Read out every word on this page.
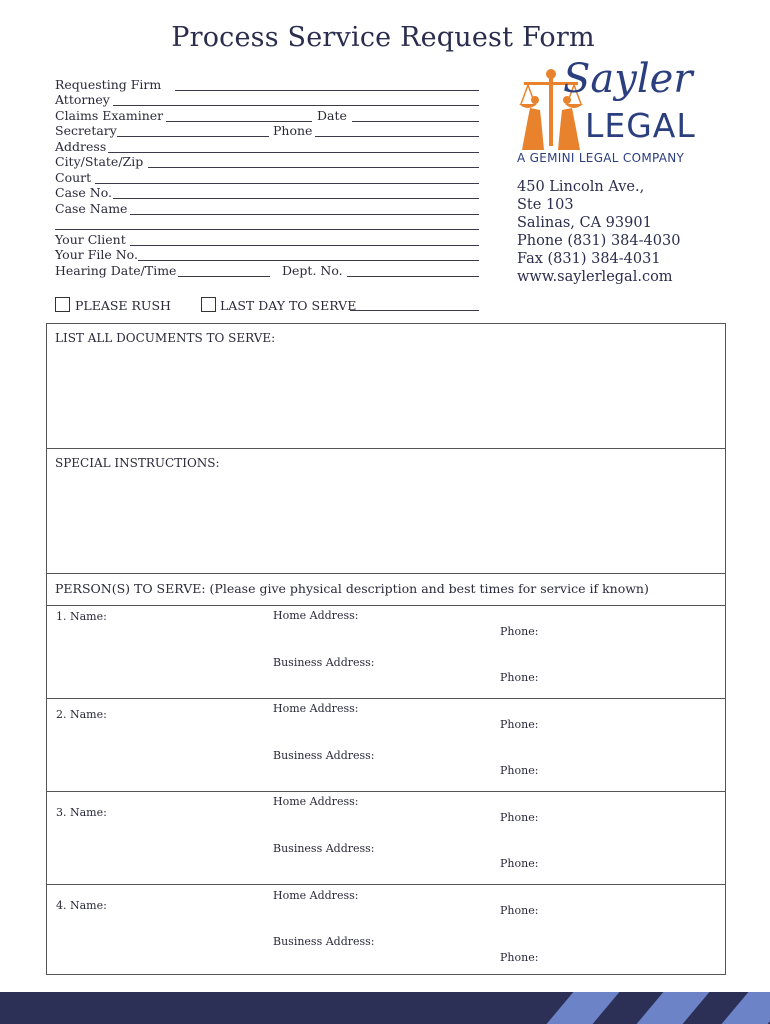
Process Service Request Form
Requesting Firm
Attorney
Claims Examiner	Date
Secretary	Phone
Address
City/State/Zip
Court
Case No.
Case Name
Your Client
Your File No.
Hearing Date/Time	Dept. No.
PLEASE RUSH	LAST DAY TO SERVE
Sayler
LEGAL
A GEMINI LEGAL COMPANY
450 Lincoln Ave.,
Ste 103
Salinas, CA 93901
Phone (831) 384-4030
Fax (831) 384-4031
www.saylerlegal.com
LIST ALL DOCUMENTS TO SERVE:
SPECIAL INSTRUCTIONS:
PERSON(S) TO SERVE: (Please give physical description and best times for service if known)
1. Name:	Home Address:
Phone:
Business Address:
Phone:
2. Name:	Home Address:
Phone:
Business Address:
Phone:
3. Name:
Home Address:
Phone:
Business Address:
Phone:
4. Name:
Home Address:
Phone:
Business Address:
Phone:
